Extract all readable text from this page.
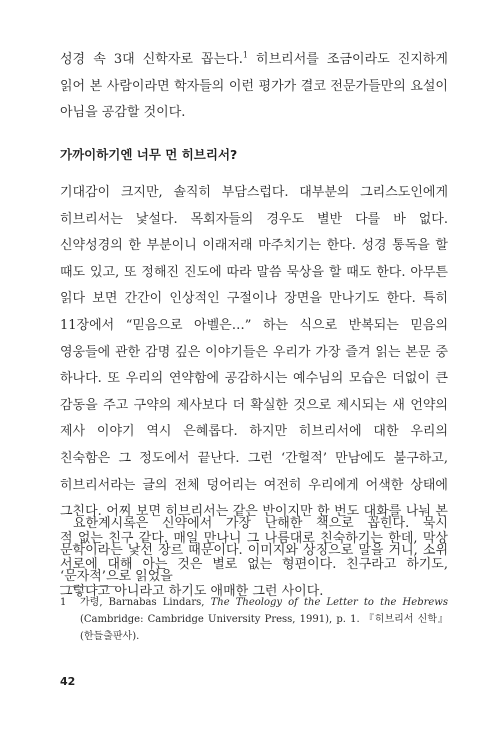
성경 속 3대 신학자로 꼽는다.$^1$ 히브리서를 조금이라도 진지하게 읽어 본 사람이라면 학자들의 이런 평가가 결코 전문가들만의 요설이 아님을 공감할 것이다.

가까이하기엔 너무 먼 히브리서?

기대감이 크지만, 솔직히 부담스럽다. 대부분의 그리스도인에게 히브리서는 낯설다. 목회자들의 경우도 별반 다를 바 없다. 신약성경의 한 부분이니 이래저래 마주치기는 한다. 성경 통독을 할 때도 있고, 또 정해진 진도에 따라 말씀 묵상을 할 때도 한다. 아무튼 읽다 보면 간간이 인상적인 구절이나 장면을 만나기도 한다. 특히 11장에서 “믿음으로 아벨은…” 하는 식으로 반복되는 믿음의 영웅들에 관한 감명 깊은 이야기들은 우리가 가장 즐겨 읽는 본문 중 하나다. 또 우리의 연약함에 공감하시는 예수님의 모습은 더없이 큰 감동을 주고 구약의 제사보다 더 확실한 것으로 제시되는 새 언약의 제사 이야기 역시 은혜롭다. 하지만 히브리서에 대한 우리의 친숙함은 그 정도에서 끝난다. 그런 ‘간헐적’ 만남에도 불구하고, 히브리서라는 글의 전체 덩어리는 여전히 우리에게 어색한 상태에 그친다. 어찌 보면 히브리서는 같은 반이지만 한 번도 대화를 나눠 본 적 없는 친구 같다. 매일 만나니 그 나름대로 친숙하기는 한데, 막상 서로에 대해 아는 것은 별로 없는 형편이다. 친구라고 하기도, 그렇다고 아니라고 하기도 애매한 그런 사이다.

요한계시록은 신약에서 가장 난해한 책으로 꼽힌다. 묵시 문학이라는 낯선 장르 때문이다. 이미지와 상징으로 말을 거니, 소위 ‘문자적’으로 읽었을

1 가령, Barnabas Lindars, The Theology of the Letter to the Hebrews (Cambridge: Cambridge University Press, 1991), p. 1. 『히브리서 신학』(한들출판사).

42
